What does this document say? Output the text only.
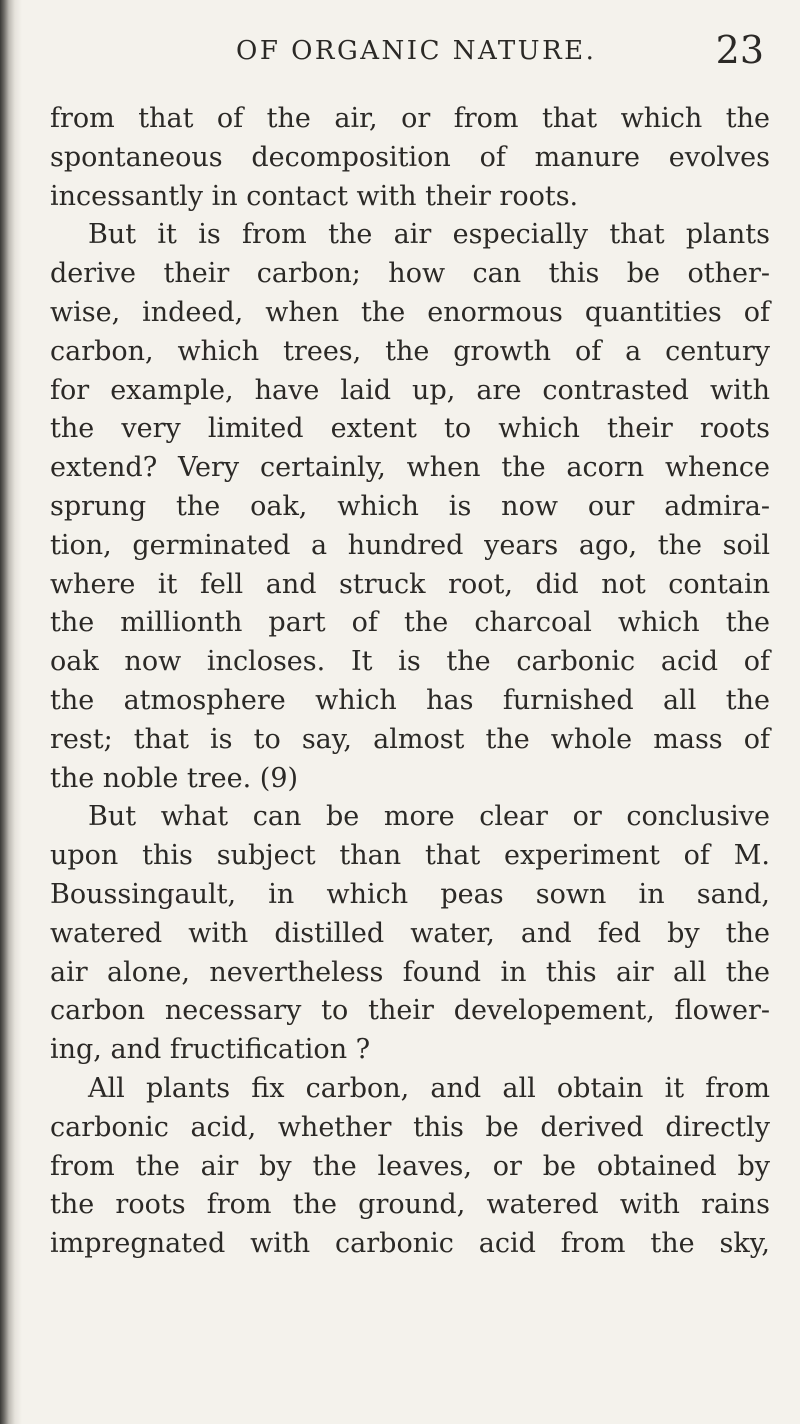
OF ORGANIC NATURE.	23
from that of the air, or from that which the
spontaneous decomposition of manure evolves
incessantly in contact with their roots.
But it is from the air especially that plants
derive their carbon; how can this be other-
wise, indeed, when the enormous quantities of
carbon, which trees, the growth of a century
for example, have laid up, are contrasted with
the very limited extent to which their roots
extend? Very certainly, when the acorn whence
sprung the oak, which is now our admira-
tion, germinated a hundred years ago, the soil
where it fell and struck root, did not contain
the millionth part of the charcoal which the
oak now incloses. It is the carbonic acid of
the atmosphere which has furnished all the
rest; that is to say, almost the whole mass of
the noble tree. (9)
But what can be more clear or conclusive
upon this subject than that experiment of M.
Boussingault, in which peas sown in sand,
watered with distilled water, and fed by the
air alone, nevertheless found in this air all the
carbon necessary to their developement, flower-
ing, and fructification ?
All plants fix carbon, and all obtain it from
carbonic acid, whether this be derived directly
from the air by the leaves, or be obtained by
the roots from the ground, watered with rains
impregnated with carbonic acid from the sky,
